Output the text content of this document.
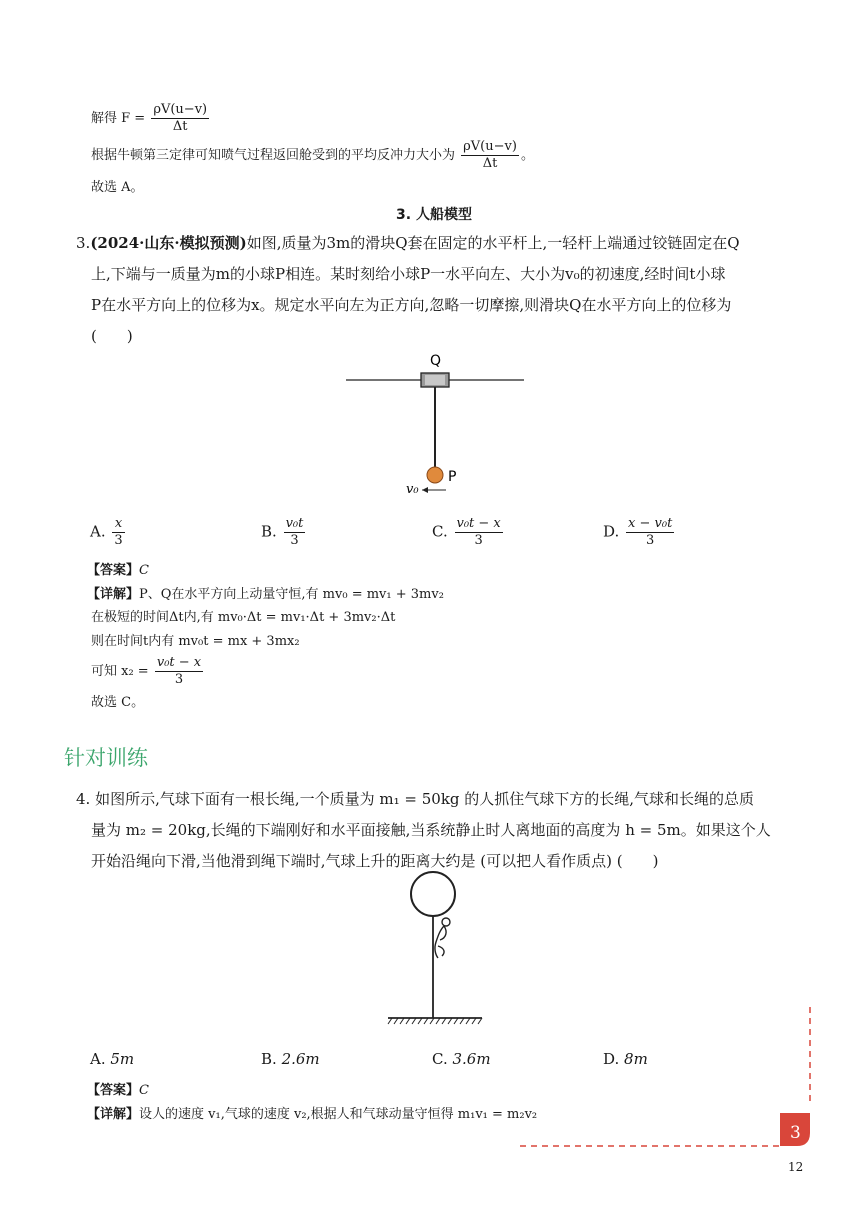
解得 $F = \frac{\rho V(u-v)}{\Delta t}$
根据牛顿第三定律可知喷气过程返回舱受到的平均反冲力大小为 $\frac{\rho V(u-v)}{\Delta t}$ 。
故选 A。
3. 人船模型
3.(2024·山东·模拟预测)如图,质量为3m的滑块Q套在固定的水平杆上,一轻杆上端通过铰链固定在Q
上,下端与一质量为m的小球P相连。某时刻给小球P一水平向左、大小为v₀的初速度,经时间t小球
P在水平方向上的位移为x。规定水平向左为正方向,忽略一切摩擦,则滑块Q在水平方向上的位移为
(　　)
Q
P
v₀
A. $\frac{x}{3}$	B. $\frac{\text{v₀t}}{3}$	C. $\frac{\text{v₀t − x}}{3}$	D. $\frac{\text{x − v₀t}}{3}$
【答案】C
【详解】P、Q在水平方向上动量守恒,有 mv₀ = mv₁ + 3mv₂
在极短的时间Δt内,有 mv₀·Δt = mv₁·Δt + 3mv₂·Δt
则在时间t内有 mv₀t = mx + 3mx₂
可知 $x_2 = \frac{\text{v₀t − x}}{3}$
故选 C。
针对训练
4. 如图所示,气球下面有一根长绳,一个质量为 m₁ = 50kg 的人抓住气球下方的长绳,气球和长绳的总质
量为 m₂ = 20kg,长绳的下端刚好和水平面接触,当系统静止时人离地面的高度为 h = 5m。如果这个人
开始沿绳向下滑,当他滑到绳下端时,气球上升的距离大约是 (可以把人看作质点) (　　)
A. 5m	B. 2.6m	C. 3.6m	D. 8m
【答案】C
【详解】设人的速度 v₁,气球的速度 v₂,根据人和气球动量守恒得 m₁v₁ = m₂v₂
3
12
